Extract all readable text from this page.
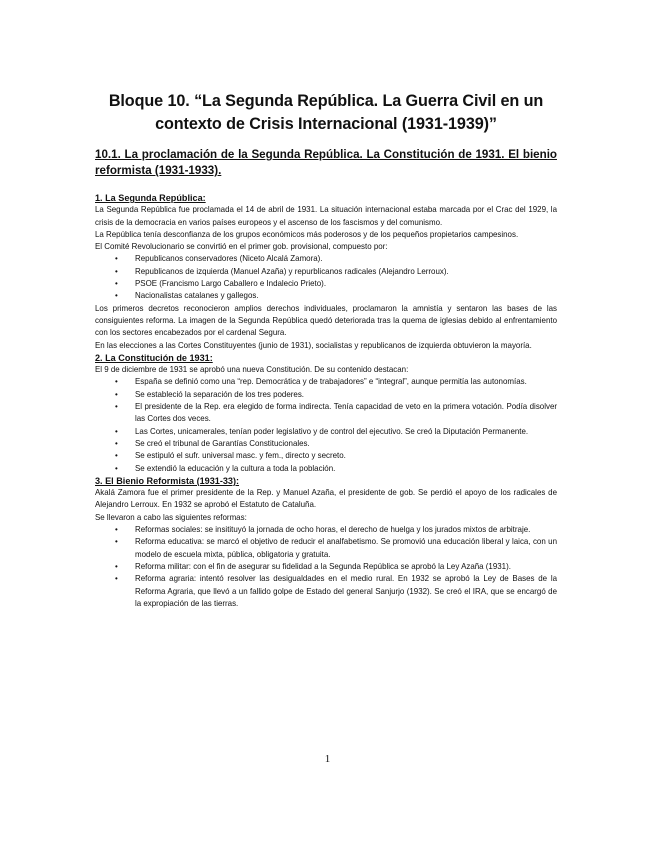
Bloque 10. “La Segunda República. La Guerra Civil en un
contexto de Crisis Internacional (1931-1939)”
10.1. La proclamación de la Segunda República. La Constitución de 1931. El bienio reformista (1931-1933).
1. La Segunda República:

La Segunda República fue proclamada el 14 de abril de 1931. La situación internacional estaba marcada por el Crac del 1929, la crisis de la democracia en varios países europeos y el ascenso de los fascismos y del comunismo.

La República tenía desconfianza de los grupos económicos más poderosos y de los pequeños propietarios campesinos.

El Comité Revolucionario se convirtió en el primer gob. provisional, compuesto por:

• Republicanos conservadores (Niceto Alcalá Zamora).
• Republicanos de izquierda (Manuel Azaña) y repurblicanos radicales (Alejandro Lerroux).
• PSOE (Francismo Largo Caballero e Indalecio Prieto).
• Nacionalistas catalanes y gallegos.

Los primeros decretos reconocieron amplios derechos individuales, proclamaron la amnistía y sentaron las bases de las consiguientes reforma. La imagen de la Segunda República quedó deteriorada tras la quema de iglesias debido al enfrentamiento con los sectores encabezados por el cardenal Segura.

En las elecciones a las Cortes Constituyentes (junio de 1931), socialistas y republicanos de izquierda obtuvieron la mayoría.

2. La Constitución de 1931:

El 9 de diciembre de 1931 se aprobó una nueva Constitución. De su contenido destacan:

• España se definió como una “rep. Democrática y de trabajadores” e “integral”, aunque permitía las autonomías.
• Se estableció la separación de los tres poderes.
• El presidente de la Rep. era elegido de forma indirecta. Tenía capacidad de veto en la primera votación. Podía disolver las Cortes dos veces.
• Las Cortes, unicamerales, tenían poder legislativo y de control del ejecutivo. Se creó la Diputación Permanente.
• Se creó el tribunal de Garantías Constitucionales.
• Se estipuló el sufr. universal masc. y fem., directo y secreto.
• Se extendió la educación y la cultura a toda la población.
3. El Bienio Reformista (1931-33):

Akalá Zamora fue el primer presidente de la Rep. y Manuel Azaña, el presidente de gob. Se perdió el apoyo de los radicales de Alejandro Lerroux. En 1932 se aprobó el Estatuto de Cataluña.

Se llevaron a cabo las siguientes reformas:

• Reformas sociales: se insitituyó la jornada de ocho horas, el derecho de huelga y los jurados mixtos de arbitraje.
• Reforma educativa: se marcó el objetivo de reducir el analfabetismo. Se promovió una educación liberal y laica, con un modelo de escuela mixta, pública, obligatoria y gratuita.
• Reforma militar: con el fin de asegurar su fidelidad a la Segunda República se aprobó la Ley Azaña (1931).
• Reforma agraria: intentó resolver las desigualdades en el medio rural. En 1932 se aprobó la Ley de Bases de la Reforma Agraria, que llevó a un fallido golpe de Estado del general Sanjurjo (1932). Se creó el IRA, que se encargó de la expropiación de las tierras.
1
